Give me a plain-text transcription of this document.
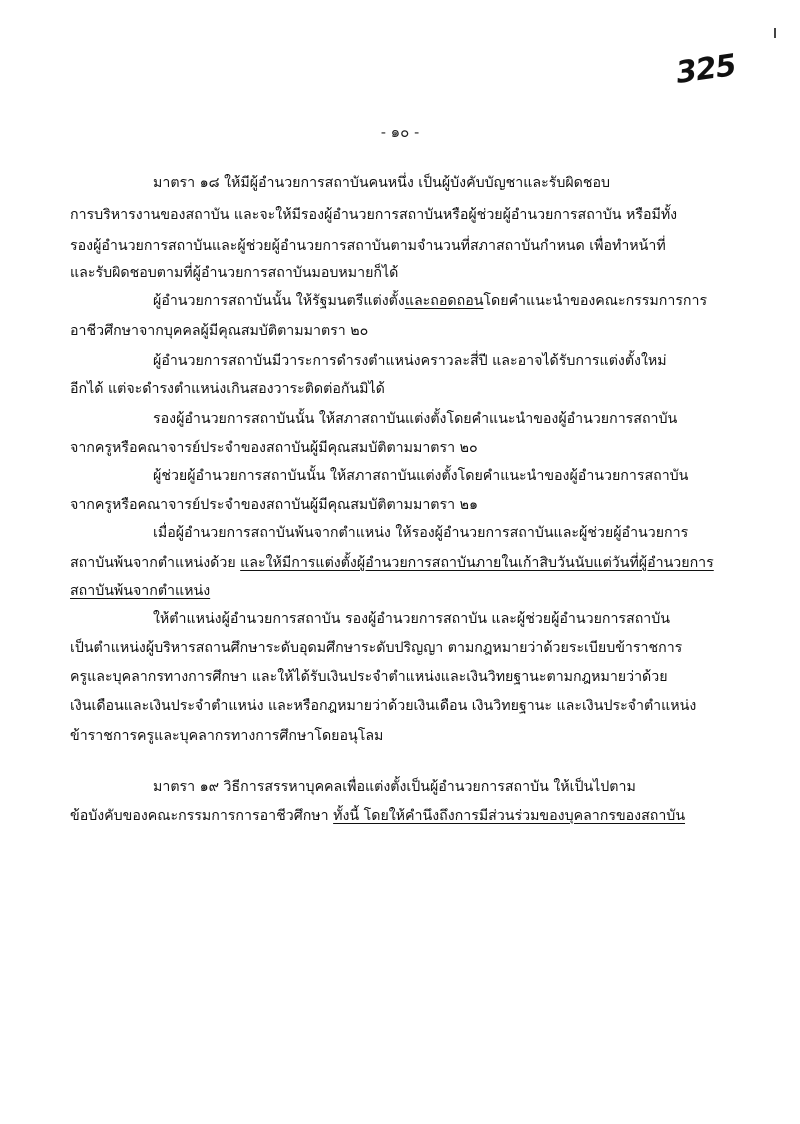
325
- ๑๐ -
มาตรา ๑๘ ให้มีผู้อำนวยการสถาบันคนหนึ่ง เป็นผู้บังคับบัญชาและรับผิดชอบ
การบริหารงานของสถาบัน และจะให้มีรองผู้อำนวยการสถาบันหรือผู้ช่วยผู้อำนวยการสถาบัน หรือมีทั้ง
รองผู้อำนวยการสถาบันและผู้ช่วยผู้อำนวยการสถาบันตามจำนวนที่สภาสถาบันกำหนด เพื่อทำหน้าที่
และรับผิดชอบตามที่ผู้อำนวยการสถาบันมอบหมายก็ได้
ผู้อำนวยการสถาบันนั้น ให้รัฐมนตรีแต่งตั้งและถอดถอนโดยคำแนะนำของคณะกรรมการการ
อาชีวศึกษาจากบุคคลผู้มีคุณสมบัติตามมาตรา ๒๐
ผู้อำนวยการสถาบันมีวาระการดำรงตำแหน่งคราวละสี่ปี และอาจได้รับการแต่งตั้งใหม่
อีกได้ แต่จะดำรงตำแหน่งเกินสองวาระติดต่อกันมิได้
รองผู้อำนวยการสถาบันนั้น ให้สภาสถาบันแต่งตั้งโดยคำแนะนำของผู้อำนวยการสถาบัน
จากครูหรือคณาจารย์ประจำของสถาบันผู้มีคุณสมบัติตามมาตรา ๒๐
ผู้ช่วยผู้อำนวยการสถาบันนั้น ให้สภาสถาบันแต่งตั้งโดยคำแนะนำของผู้อำนวยการสถาบัน
จากครูหรือคณาจารย์ประจำของสถาบันผู้มีคุณสมบัติตามมาตรา ๒๑
เมื่อผู้อำนวยการสถาบันพ้นจากตำแหน่ง ให้รองผู้อำนวยการสถาบันและผู้ช่วยผู้อำนวยการ
สถาบันพ้นจากตำแหน่งด้วย และให้มีการแต่งตั้งผู้อำนวยการสถาบันภายในเก้าสิบวันนับแต่วันที่ผู้อำนวยการ
สถาบันพ้นจากตำแหน่ง
ให้ตำแหน่งผู้อำนวยการสถาบัน รองผู้อำนวยการสถาบัน และผู้ช่วยผู้อำนวยการสถาบัน
เป็นตำแหน่งผู้บริหารสถานศึกษาระดับอุดมศึกษาระดับปริญญา ตามกฎหมายว่าด้วยระเบียบข้าราชการ
ครูและบุคลากรทางการศึกษา และให้ได้รับเงินประจำตำแหน่งและเงินวิทยฐานะตามกฎหมายว่าด้วย
เงินเดือนและเงินประจำตำแหน่ง และหรือกฎหมายว่าด้วยเงินเดือน เงินวิทยฐานะ และเงินประจำตำแหน่ง
ข้าราชการครูและบุคลากรทางการศึกษาโดยอนุโลม
มาตรา ๑๙ วิธีการสรรหาบุคคลเพื่อแต่งตั้งเป็นผู้อำนวยการสถาบัน ให้เป็นไปตาม
ข้อบังคับของคณะกรรมการการอาชีวศึกษา ทั้งนี้ โดยให้คำนึงถึงการมีส่วนร่วมของบุคลากรของสถาบัน
